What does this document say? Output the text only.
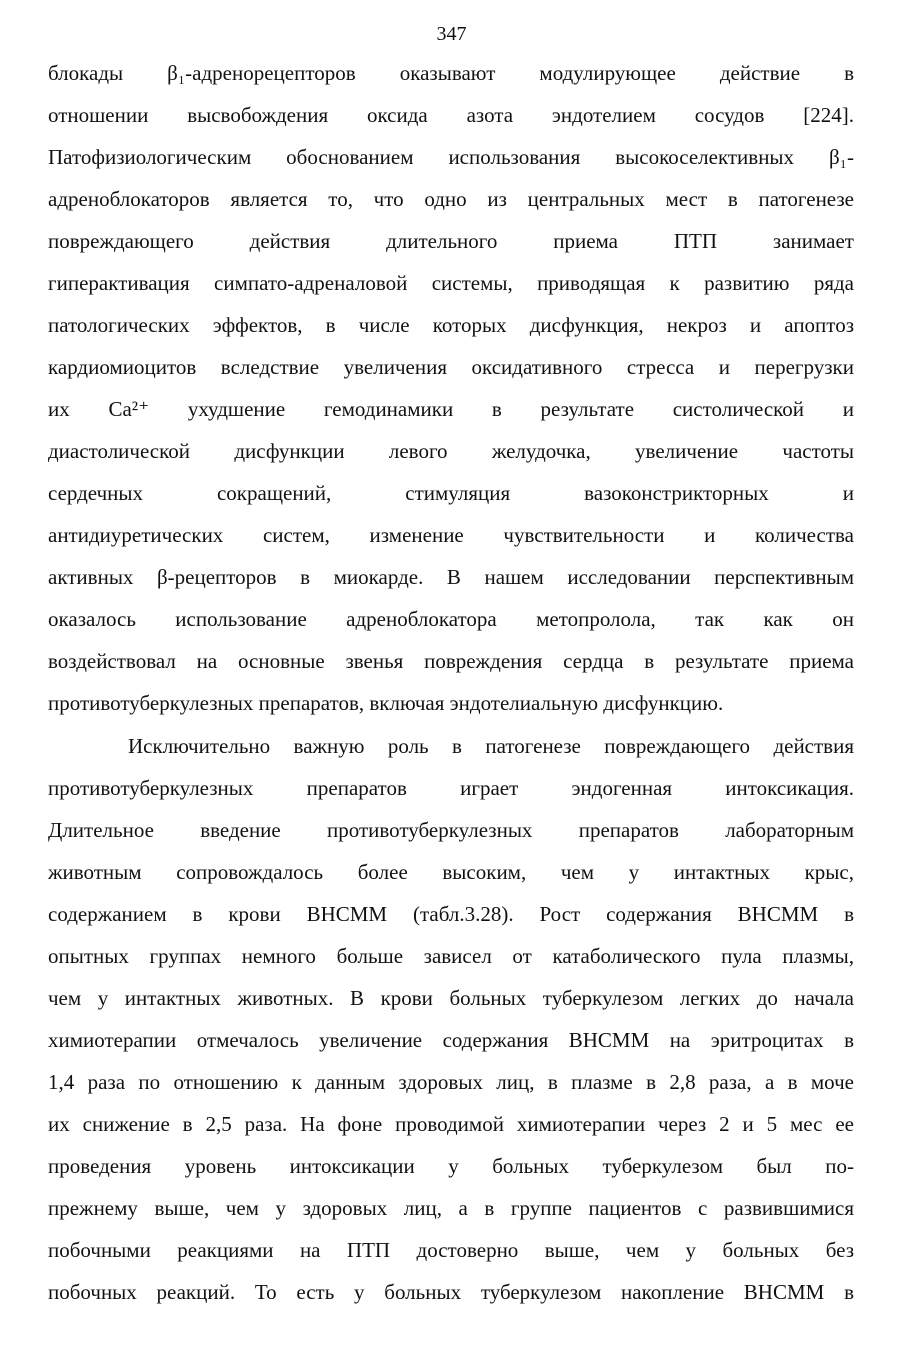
347
блокады β₁-адренорецепторов оказывают модулирующее действие в
отношении высвобождения оксида азота эндотелием сосудов [224].
Патофизиологическим обоснованием использования высокоселективных β₁-
адреноблокаторов является то, что одно из центральных мест в патогенезе
повреждающего действия длительного приема ПТП занимает
гиперактивация симпато-адреналовой системы, приводящая к развитию ряда
патологических эффектов, в числе которых дисфункция, некроз и апоптоз
кардиомиоцитов вследствие увеличения оксидативного стресса и перегрузки
их Ca²⁺ ухудшение гемодинамики в результате систолической и
диастолической дисфункции левого желудочка, увеличение частоты
сердечных сокращений, стимуляция вазоконстрикторных и
антидиуретических систем, изменение чувствительности и количества
активных β-рецепторов в миокарде. В нашем исследовании перспективным
оказалось использование адреноблокатора метопролола, так как он
воздействовал на основные звенья повреждения сердца в результате приема
противотуберкулезных препаратов, включая эндотелиальную дисфункцию.
Исключительно важную роль в патогенезе повреждающего действия
противотуберкулезных препаратов играет эндогенная интоксикация.
Длительное введение противотуберкулезных препаратов лабораторным
животным сопровождалось более высоким, чем у интактных крыс,
содержанием в крови ВНСММ (табл.3.28). Рост содержания ВНСММ в
опытных группах немного больше зависел от катаболического пула плазмы,
чем у интактных животных. В крови больных туберкулезом легких до начала
химиотерапии отмечалось увеличение содержания ВНСММ на эритроцитах в
1,4 раза по отношению к данным здоровых лиц, в плазме в 2,8 раза, а в моче
их снижение в 2,5 раза. На фоне проводимой химиотерапии через 2 и 5 мес ее
проведения уровень интоксикации у больных туберкулезом был по-
прежнему выше, чем у здоровых лиц, а в группе пациентов с развившимися
побочными реакциями на ПТП достоверно выше, чем у больных без
побочных реакций. То есть у больных туберкулезом накопление ВНСММ в
